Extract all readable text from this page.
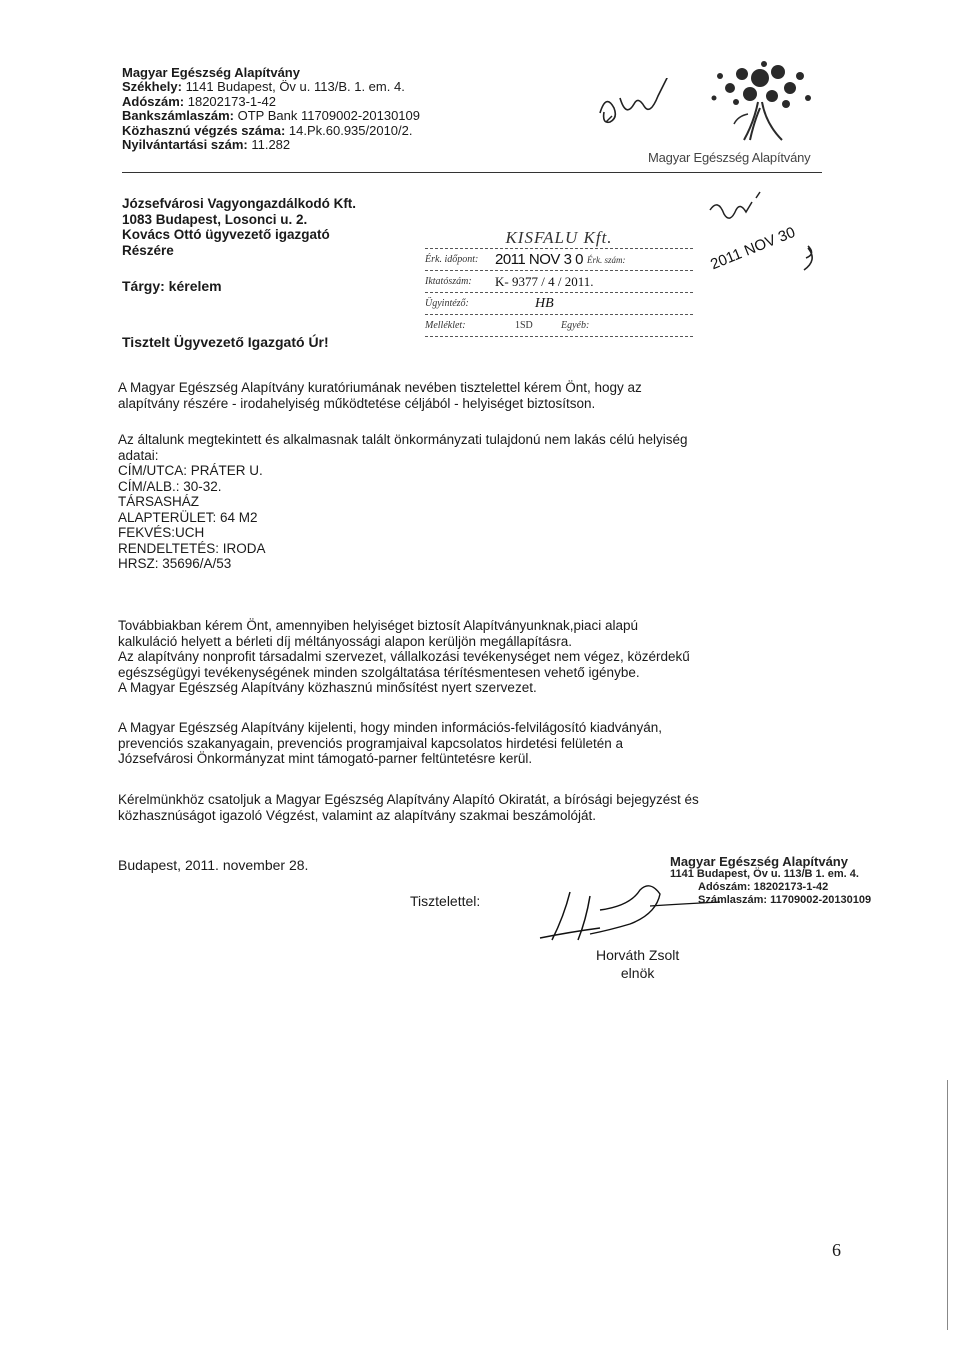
Magyar Egészség Alapítvány
Székhely: 1141 Budapest, Öv u. 113/B. 1. em. 4.
Adószám: 18202173-1-42
Bankszámlaszám: OTP Bank 11709002-20130109
Közhasznú végzés száma: 14.Pk.60.935/2010/2.
Nyilvántartási szám: 11.282
Magyar Egészség Alapítvány
Józsefvárosi Vagyongazdálkodó Kft.
1083 Budapest, Losonci u. 2.
Kovács Ottó ügyvezető igazgató
Részére
Tárgy: kérelem
Tisztelt Ügyvezető Igazgató Úr!
KISFALU Kft.
Érk. időpont:	2011 NOV 3 0 Érk. szám:
Iktatószám:	K- 9377 / 4 / 2011.
Ügyintéző:	HB
Melléklet:	1SD	Egyéb:
2011 NOV 30
A Magyar Egészség Alapítvány kuratóriumának nevében tisztelettel kérem Önt, hogy az
alapítvány részére - irodahelyiség működtetése céljából - helyiséget biztosítson.
Az általunk megtekintett és alkalmasnak talált önkormányzati tulajdonú nem lakás célú helyiség
adatai:
CÍM/UTCA: PRÁTER U.
CÍM/ALB.: 30-32.
TÁRSASHÁZ
ALAPTERÜLET: 64 M2
FEKVÉS:UCH
RENDELTETÉS: IRODA
HRSZ: 35696/A/53
Továbbiakban kérem Önt, amennyiben helyiséget biztosít Alapítványunknak,piaci alapú
kalkuláció helyett a bérleti díj méltányossági alapon kerüljön megállapításra.
Az alapítvány nonprofit társadalmi szervezet, vállalkozási tevékenységet nem végez, közérdekű
egészségügyi tevékenységének minden szolgáltatása térítésmentesen vehető igénybe.
A Magyar Egészség Alapítvány közhasznú minősítést nyert szervezet.
A Magyar Egészség Alapítvány kijelenti, hogy minden információs-felvilágosító kiadványán,
prevenciós szakanyagain, prevenciós programjaival kapcsolatos hirdetési felületén a
Józsefvárosi Önkormányzat mint támogató-parner feltüntetésre kerül.
Kérelmünkhöz csatoljuk a Magyar Egészség Alapítvány Alapító Okiratát, a bírósági bejegyzést és
közhasznúságot igazoló Végzést, valamint az alapítvány szakmai beszámolóját.
Budapest, 2011. november 28.
Tisztelettel:
Magyar Egészség Alapítvány
1141 Budapest, Öv u. 113/B 1. em. 4.
Adószám: 18202173-1-42
Számlaszám: 11709002-20130109
Horváth Zsolt
elnök
6
